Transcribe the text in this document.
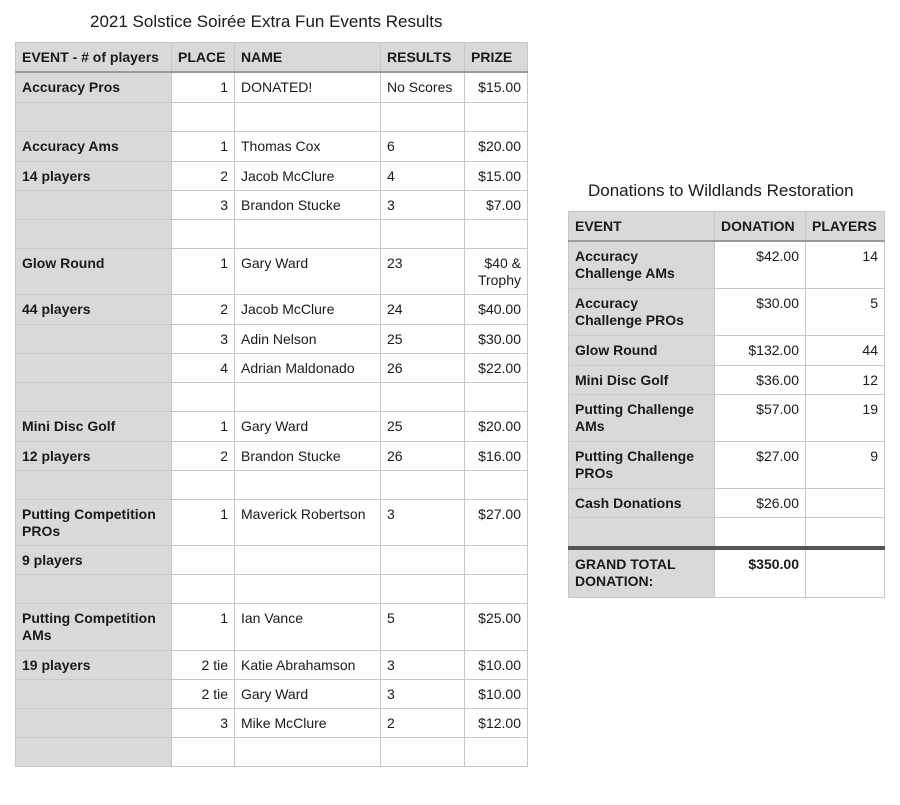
2021 Solstice Soirée Extra Fun Events Results
EVENT - # of players	PLACE	NAME	RESULTS	PRIZE
Accuracy Pros	1	DONATED!	No Scores	$15.00

Accuracy Ams	1	Thomas Cox	6	$20.00
14 players	2	Jacob McClure	4	$15.00
	3	Brandon Stucke	3	$7.00

Glow Round	1	Gary Ward	23	$40 & Trophy
44 players	2	Jacob McClure	24	$40.00
	3	Adin Nelson	25	$30.00
	4	Adrian Maldonado	26	$22.00

Mini Disc Golf	1	Gary Ward	25	$20.00
12 players	2	Brandon Stucke	26	$16.00

Putting Competition PROs	1	Maverick Robertson	3	$27.00
9 players				

Putting Competition AMs	1	Ian Vance	5	$25.00
19 players	2 tie	Katie Abrahamson	3	$10.00
	2 tie	Gary Ward	3	$10.00
	3	Mike McClure	2	$12.00

Donations to Wildlands Restoration
EVENT	DONATION	PLAYERS
Accuracy Challenge AMs	$42.00	14
Accuracy Challenge PROs	$30.00	5
Glow Round	$132.00	44
Mini Disc Golf	$36.00	12
Putting Challenge AMs	$57.00	19
Putting Challenge PROs	$27.00	9
Cash Donations	$26.00	

GRAND TOTAL DONATION:	$350.00	
